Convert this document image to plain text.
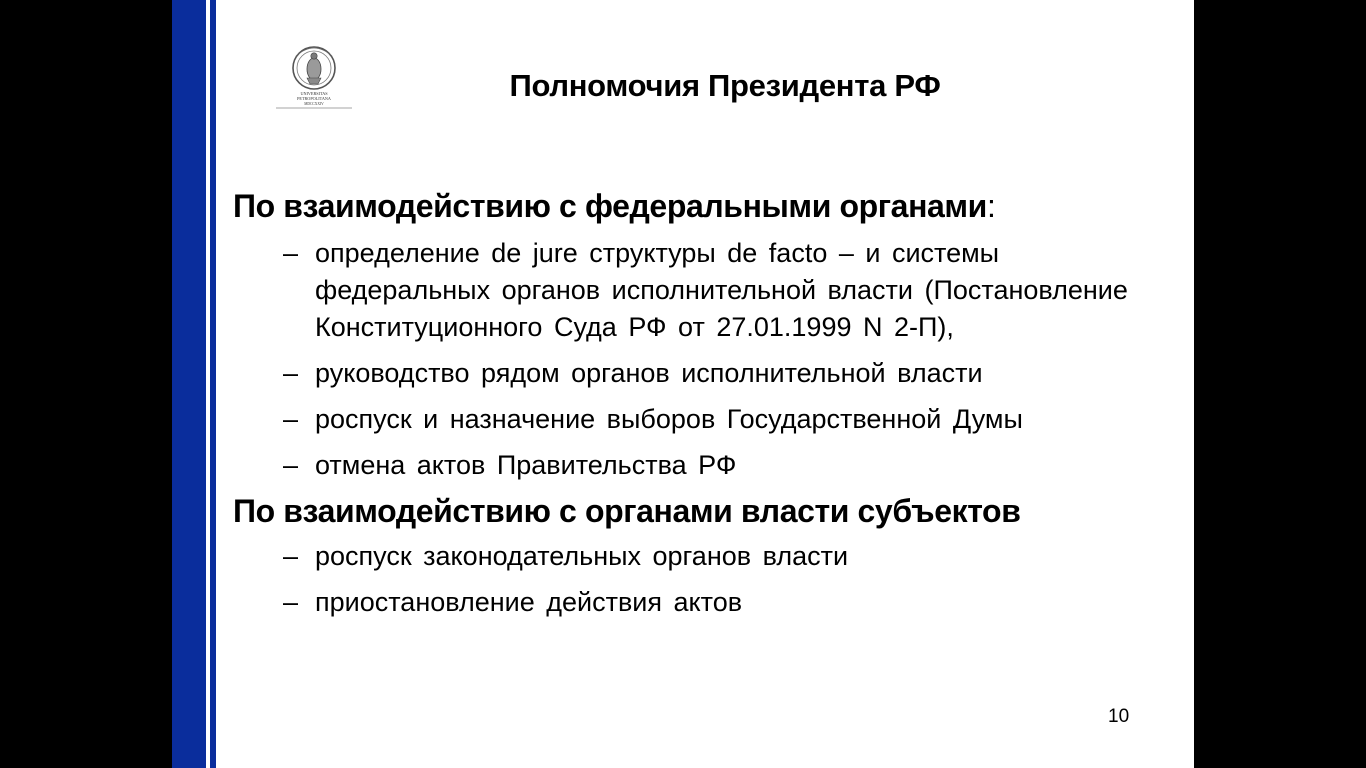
UNIVERSITAS
PETROPOLITANA
MDCCXXIV
Полномочия Президента РФ

По взаимодействию с федеральными органами:

– определение de jure структуры de facto – и системы федеральных органов исполнительной власти (Постановление Конституционного Суда РФ от 27.01.1999 N 2-П),
– руководство рядом органов исполнительной власти
– роспуск и назначение выборов Государственной Думы
– отмена актов Правительства РФ

По взаимодействию с органами власти субъектов

– роспуск законодательных органов власти
– приостановление действия актов
10
